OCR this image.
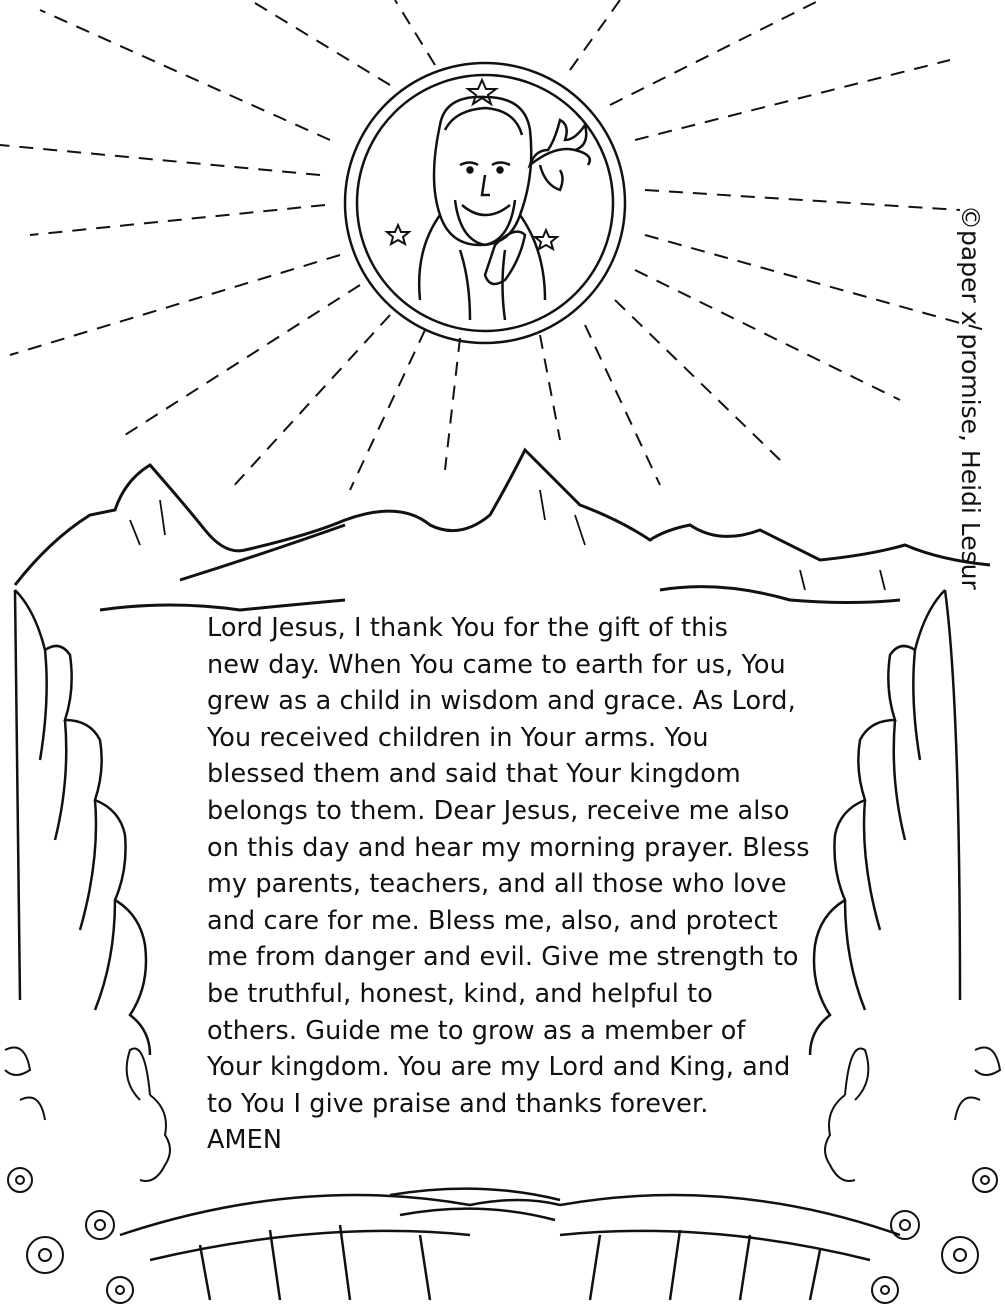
Lord Jesus, I thank You for the gift of this
new day. When You came to earth for us, You
grew as a child in wisdom and grace. As Lord,
You received children in Your arms. You
blessed them and said that Your kingdom
belongs to them. Dear Jesus, receive me also
on this day and hear my morning prayer. Bless
my parents, teachers, and all those who love
and care for me. Bless me, also, and protect
me from danger and evil. Give me strength to
be truthful, honest, kind, and helpful to
others. Guide me to grow as a member of
Your kingdom. You are my Lord and King, and
to You I give praise and thanks forever.
AMEN
©paper x promise, Heidi Lesur
